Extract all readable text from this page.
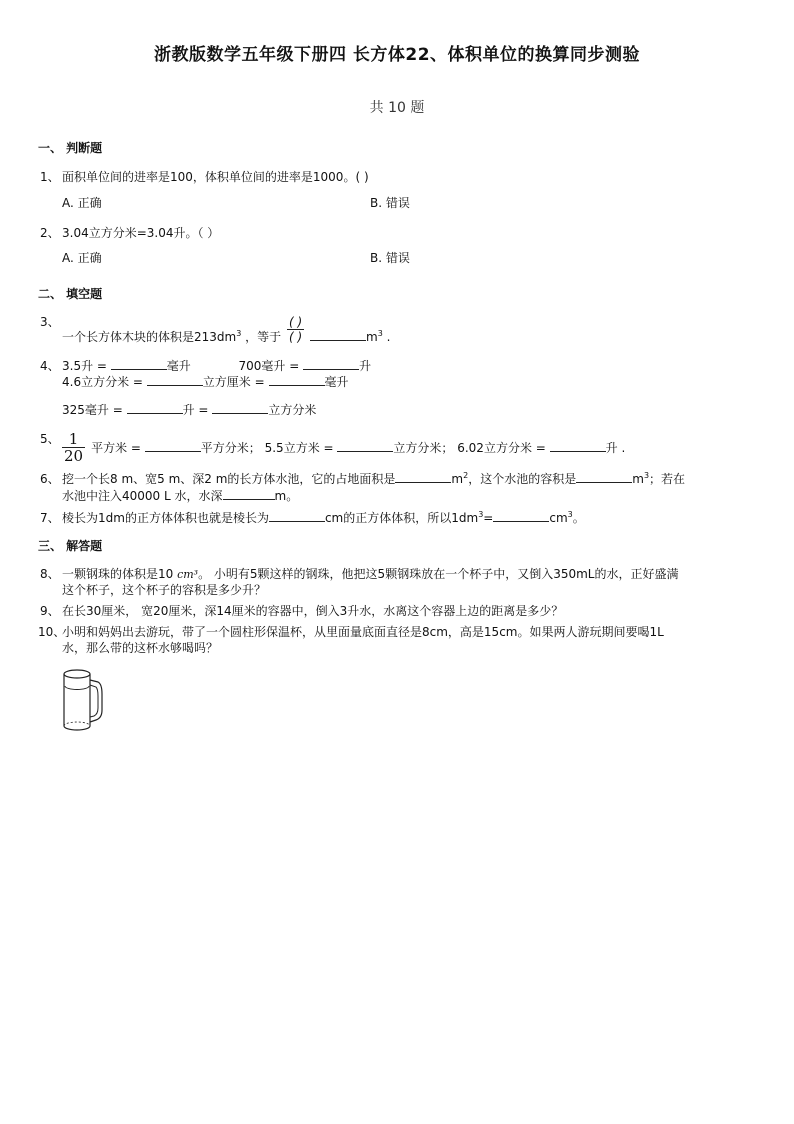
浙教版数学五年级下册四 长方体22、体积单位的换算同步测验
共 10 题
一、 判断题
1、 面积单位间的进率是100，体积单位间的进率是1000。( )
A. 正确	B. 错误
2、 3.04立方分米=3.04升。（ ）
A. 正确	B. 错误
二、 填空题
3、一个长方体木块的体积是$213dm^3$ ，等于 $\frac{( )}{( )}$	$m^3$ .
4、 3.5升 =	毫升	700毫升 =	升
4.6立方分米 =	立方厘米 =	毫升
325毫升 =	升 =	立方分米
5、 $\frac{1}{20}$ 平方米 =	平方分米； 5.5立方米 =	立方分米； 6.02立方分米 =	升 .
6、 挖一个长8 m、宽5 m、深2 m的长方体水池，它的占地面积是	$m^2$，这个水池的容积是	$m^3$；若在
水池中注入40000 L 水，水深	m。
7、 棱长为1dm的正方体体积也就是棱长为	cm的正方体体积，所以$1dm^3=$	$cm^3$。
三、 解答题
8、 一颗钢珠的体积是10 cm³。 小明有5颗这样的钢珠，他把这5颗钢珠放在一个杯子中，又倒入350mL的水，正好盛满
这个杯子，这个杯子的容积是多少升？
9、 在长30厘米， 宽20厘米，深14厘米的容器中，倒入3升水，水离这个容器上边的距离是多少？
10、小明和妈妈出去游玩，带了一个圆柱形保温杯，从里面量底面直径是8cm，高是15cm。如果两人游玩期间要喝1L
水，那么带的这杯水够喝吗？
